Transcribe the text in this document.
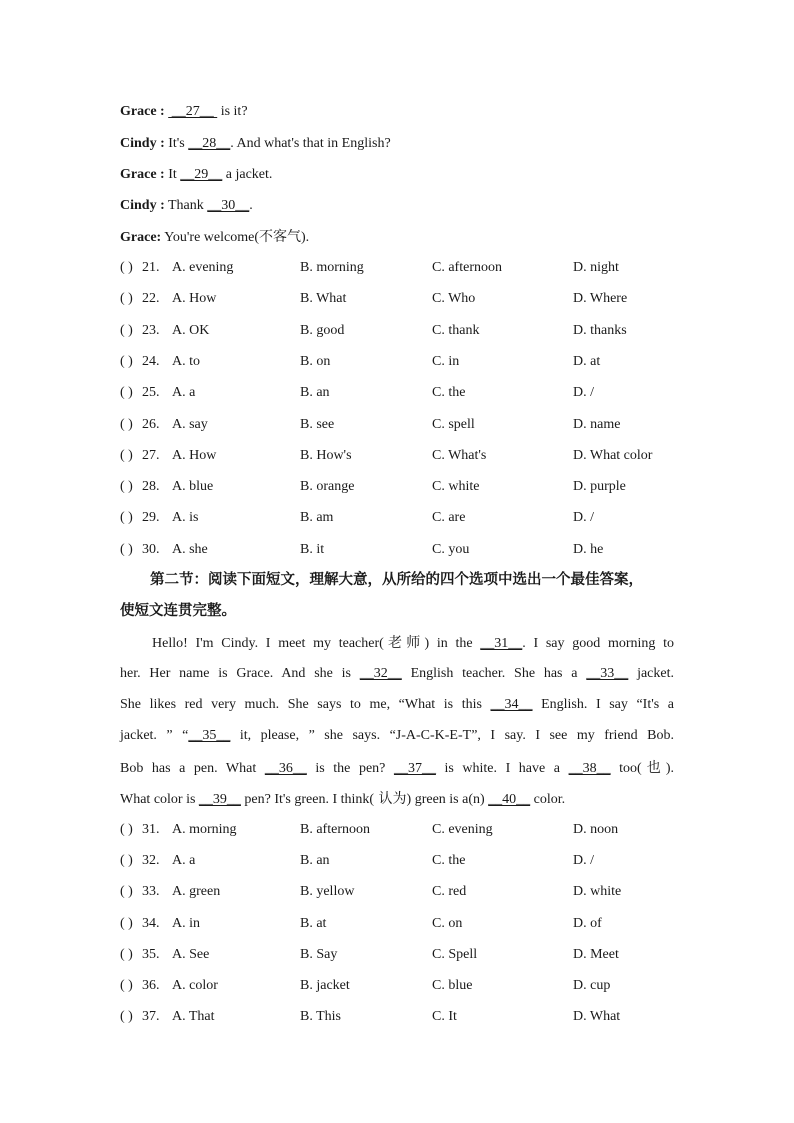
Grace :  __27__  is it?
Cindy : It's __28__. And what's that in English?
Grace : It __29__ a jacket.
Cindy : Thank __30__.
Grace: You're welcome(不客气).
( ) 21. A. evening	B. morning	C. afternoon	D. night
( ) 22. A. How	B. What	C. Who	D. Where
( ) 23. A. OK	B. good	C. thank	D. thanks
( ) 24. A. to	B. on	C. in	D. at
( ) 25. A. a	B. an	C. the	D. /
( ) 26. A. say	B. see	C. spell	D. name
( ) 27. A. How	B. How's	C. What's	D. What color
( ) 28. A. blue	B. orange	C. white	D. purple
( ) 29. A. is	B. am	C. are	D. /
( ) 30. A. she	B. it	C. you	D. he
第二节：阅读下面短文，理解大意，从所给的四个选项中选出一个最佳答案，
使短文连贯完整。
Hello! I'm Cindy. I meet my teacher(老师) in the __31__. I say good morning to
her. Her name is Grace. And she is __32__ English teacher. She has a __33__ jacket.
She likes red very much. She says to me, “What is this __34__ English. I say “It's a
jacket. ” “__35__ it, please, ” she says. “J-A-C-K-E-T”, I say. I see my friend Bob.
Bob has a pen. What __36__ is the pen? __37__ is white. I have a __38__ too(也).
What color is __39__ pen? It's green. I think( 认为) green is a(n) __40__ color.
( ) 31. A. morning	B. afternoon	C. evening	D. noon
( ) 32. A. a	B. an	C. the	D. /
( ) 33. A. green	B. yellow	C. red	D. white
( ) 34. A. in	B. at	C. on	D. of
( ) 35. A. See	B. Say	C. Spell	D. Meet
( ) 36. A. color	B. jacket	C. blue	D. cup
( ) 37. A. That	B. This	C. It	D. What
